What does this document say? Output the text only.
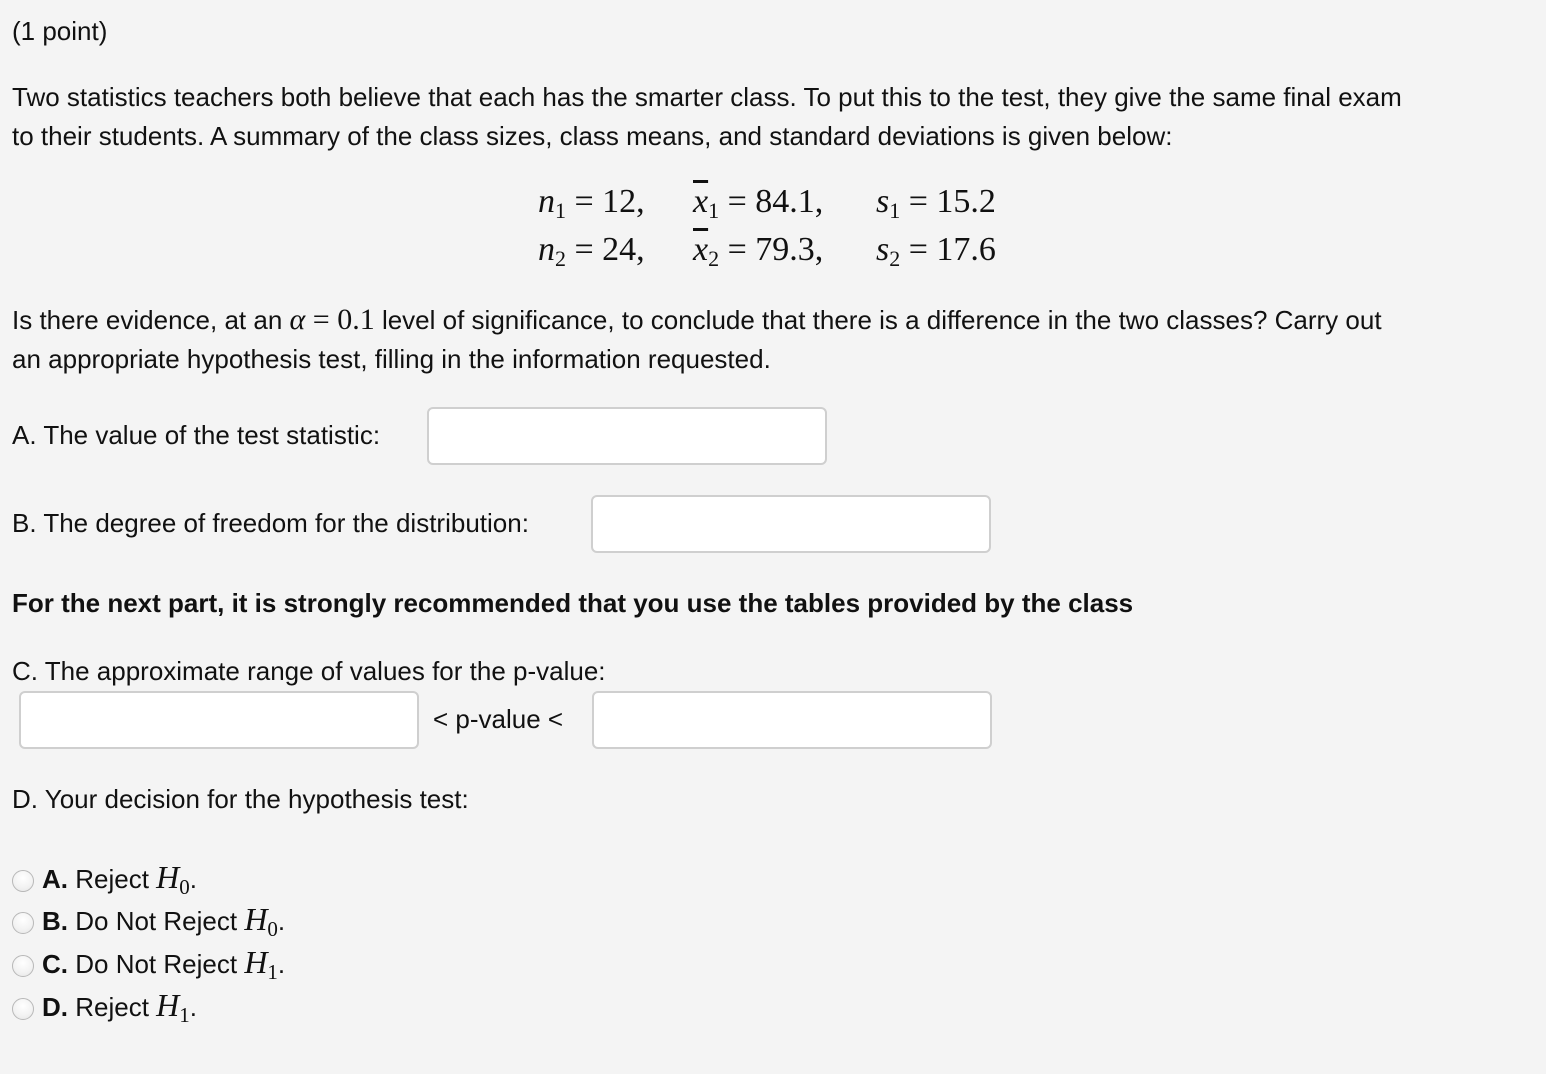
(1 point)
Two statistics teachers both believe that each has the smarter class. To put this to the test, they give the same final exam
to their students. A summary of the class sizes, class means, and standard deviations is given below:
$n_1 = 12$, $\overline{x}_1 = 84.1$, $s_1 = 15.2$
$n_2 = 24$, $\overline{x}_2 = 79.3$, $s_2 = 17.6$
Is there evidence, at an α = 0.1 level of significance, to conclude that there is a difference in the two classes? Carry out
an appropriate hypothesis test, filling in the information requested.
A. The value of the test statistic:
B. The degree of freedom for the distribution:
For the next part, it is strongly recommended that you use the tables provided by the class
C. The approximate range of values for the p-value:
< p-value <
D. Your decision for the hypothesis test:
A. Reject $H_0$.
B. Do Not Reject $H_0$.
C. Do Not Reject $H_1$.
D. Reject $H_1$.
